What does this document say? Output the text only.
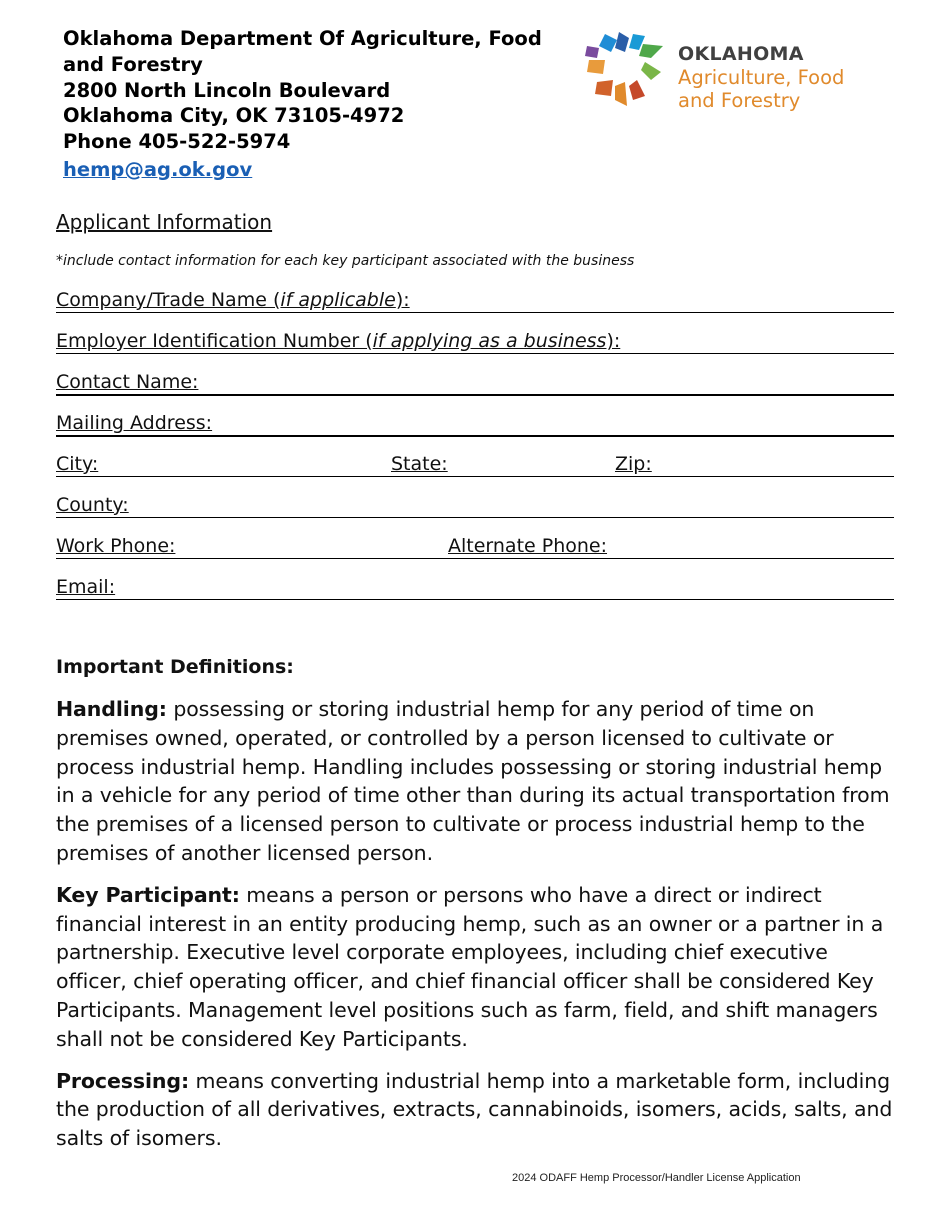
Oklahoma Department Of Agriculture, Food
and Forestry
2800 North Lincoln Boulevard
Oklahoma City, OK 73105-4972
Phone 405-522-5974
hemp@ag.ok.gov
OKLAHOMA
Agriculture, Food
and Forestry
Applicant Information
*include contact information for each key participant associated with the business
Company/Trade Name (if applicable):
Employer Identification Number (if applying as a business):
Contact Name:
Mailing Address:
City:	State:	Zip:
County:
Work Phone:	Alternate Phone:
Email:
Important Definitions:

Handling: possessing or storing industrial hemp for any period of time on premises owned, operated, or controlled by a person licensed to cultivate or process industrial hemp. Handling includes possessing or storing industrial hemp in a vehicle for any period of time other than during its actual transportation from the premises of a licensed person to cultivate or process industrial hemp to the premises of another licensed person.

Key Participant: means a person or persons who have a direct or indirect financial interest in an entity producing hemp, such as an owner or a partner in a partnership. Executive level corporate employees, including chief executive officer, chief operating officer, and chief financial officer shall be considered Key Participants. Management level positions such as farm, field, and shift managers shall not be considered Key Participants.

Processing: means converting industrial hemp into a marketable form, including the production of all derivatives, extracts, cannabinoids, isomers, acids, salts, and salts of isomers.

2024 ODAFF Hemp Processor/Handler License Application
